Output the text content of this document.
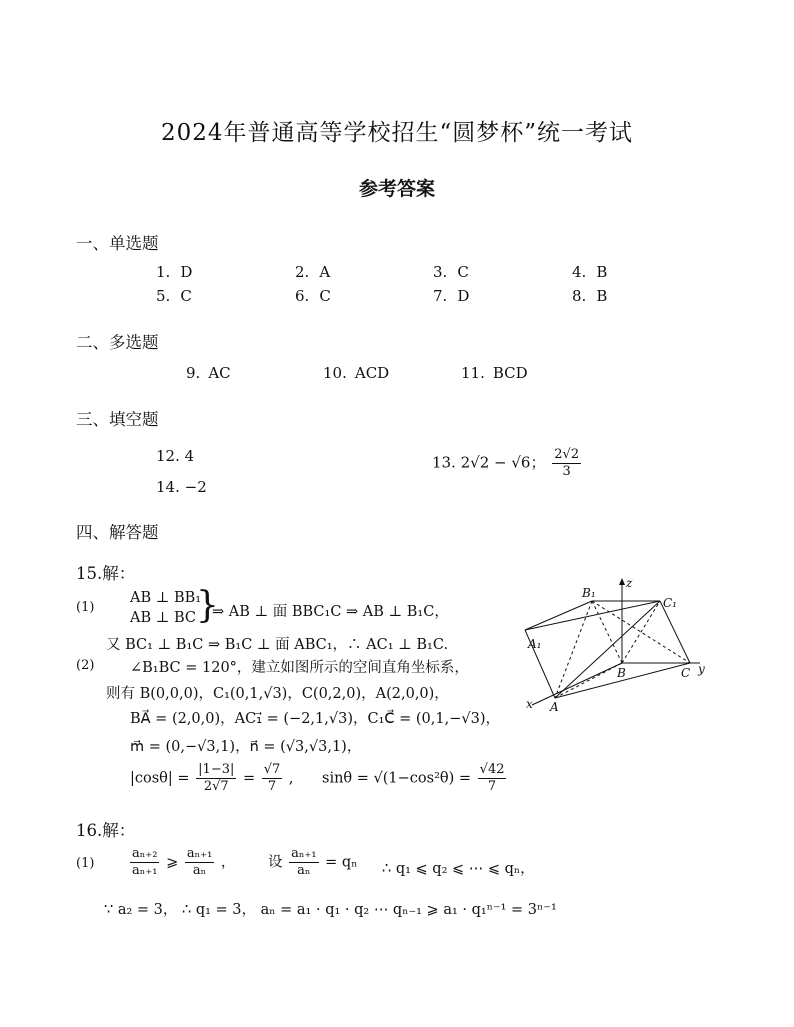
2024年普通高等学校招生“圆梦杯”统一考试
参考答案
一、单选题
1. D	2. A	3. C	4. B
5. C	6. C	7. D	8. B
二、多选题
9. AC	10. ACD	11. BCD
三、填空题
12. 4	13. 2√2 − √6； $\frac{2√2}{3}$
14. −2
四、解答题
15.解：
(1)
AB ⊥ BB₁
AB ⊥ BC }
⇒ AB ⊥ 面 BBC₁C ⇒ AB ⊥ B₁C，
又 BC₁ ⊥ B₁C ⇒ B₁C ⊥ 面 ABC₁，∴ AC₁ ⊥ B₁C.
(2) ∠B₁BC = 120°，建立如图所示的空间直角坐标系，
则有 B(0,0,0)，C₁(0,1,√3)，C(0,2,0)，A(2,0,0)，
BA⃗ = (2,0,0)，AC₁⃗ = (−2,1,√3)，C₁C⃗ = (0,1,−√3)，
m⃗ = (0,−√3,1)，n⃗ = (√3,√3,1)，
$|\cos\theta| = \frac{|1-3|}{2√7} = \frac{√7}{7}$ , $\sin\theta = √(1-\cos^2\theta) = \frac{√42}{7}$
B₁
C₁
A₁
B	C
A
x
y
z
16.解：
(1)	$\frac{\text{aₙ₊₂}}{\text{aₙ₊₁}}$ ⩾ $\frac{\text{aₙ₊₁}}{\text{aₙ}}$ ， 设 $\frac{\text{aₙ₊₁}}{\text{aₙ}} = q_n$ ∴ q₁ ⩽ q₂ ⩽ ⋯ ⩽ qₙ，
∵ a₂ = 3， ∴ q₁ = 3， aₙ = a₁ · q₁ · q₂ ⋯ qₙ₋₁ ⩾ a₁ · q₁ⁿ⁻¹ = 3ⁿ⁻¹
